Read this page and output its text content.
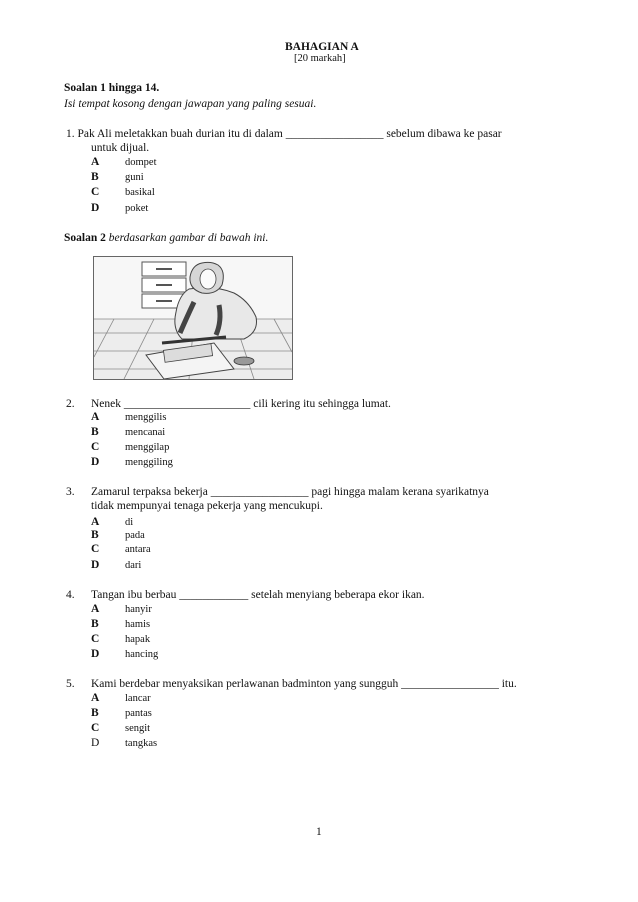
BAHAGIAN A
[20 markah]
Soalan 1 hingga 14.
Isi tempat kosong dengan jawapan yang paling sesuai.
1. Pak Ali meletakkan buah durian itu di dalam _________________ sebelum dibawa ke pasar
untuk dijual.
A dompet
B	guni
C basikal
D poket
Soalan 2 berdasarkan gambar di bawah ini.
2. Nenek ______________________ cili kering itu sehingga lumat.
A menggilis
B	mencanai
C menggilap
D menggiling
3. Zamarul terpaksa bekerja _________________ pagi hingga malam kerana syarikatnya
tidak mempunyai tenaga pekerja yang mencukupi.
A di
B	pada
C antara
D dari
4. Tangan ibu berbau ____________ setelah menyiang beberapa ekor ikan.
A hanyir
B	hamis
C hapak
D hancing
5. Kami berdebar menyaksikan perlawanan badminton yang sungguh _________________ itu.
A lancar
B	pantas
C sengit
D tangkas
1
